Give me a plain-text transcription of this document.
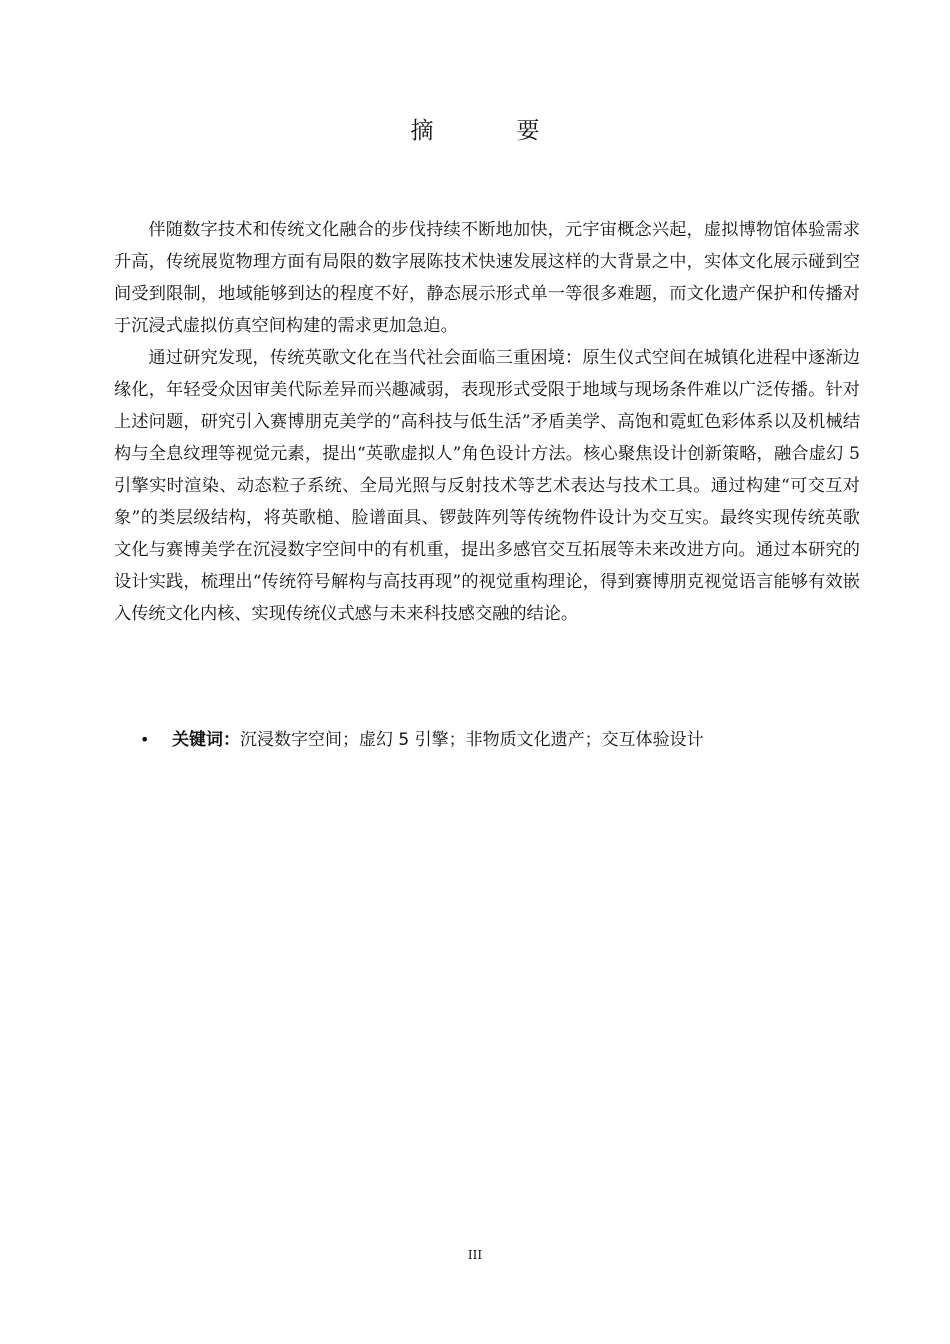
摘　要

伴随数字技术和传统文化融合的步伐持续不断地加快，元宇宙概念兴起，虚拟博物馆体验需求升高，传统展览物理方面有局限的数字展陈技术快速发展这样的大背景之中，实体文化展示碰到空间受到限制，地域能够到达的程度不好，静态展示形式单一等很多难题，而文化遗产保护和传播对于沉浸式虚拟仿真空间构建的需求更加急迫。

通过研究发现，传统英歌文化在当代社会面临三重困境：原生仪式空间在城镇化进程中逐渐边缘化，年轻受众因审美代际差异而兴趣减弱，表现形式受限于地域与现场条件难以广泛传播。针对上述问题，研究引入赛博朋克美学的“高科技与低生活”矛盾美学、高饱和霓虹色彩体系以及机械结构与全息纹理等视觉元素，提出“英歌虚拟人”角色设计方法。核心聚焦设计创新策略，融合虚幻 5 引擎实时渲染、动态粒子系统、全局光照与反射技术等艺术表达与技术工具。通过构建“可交互对象”的类层级结构，将英歌槌、脸谱面具、锣鼓阵列等传统物件设计为交互实。最终实现传统英歌文化与赛博美学在沉浸数字空间中的有机重，提出多感官交互拓展等未来改进方向。通过本研究的设计实践，梳理出“传统符号解构与高技再现”的视觉重构理论，得到赛博朋克视觉语言能够有效嵌入传统文化内核、实现传统仪式感与未来科技感交融的结论。

•	关键词： 沉浸数字空间；虚幻 5 引擎；非物质文化遗产；交互体验设计
III
